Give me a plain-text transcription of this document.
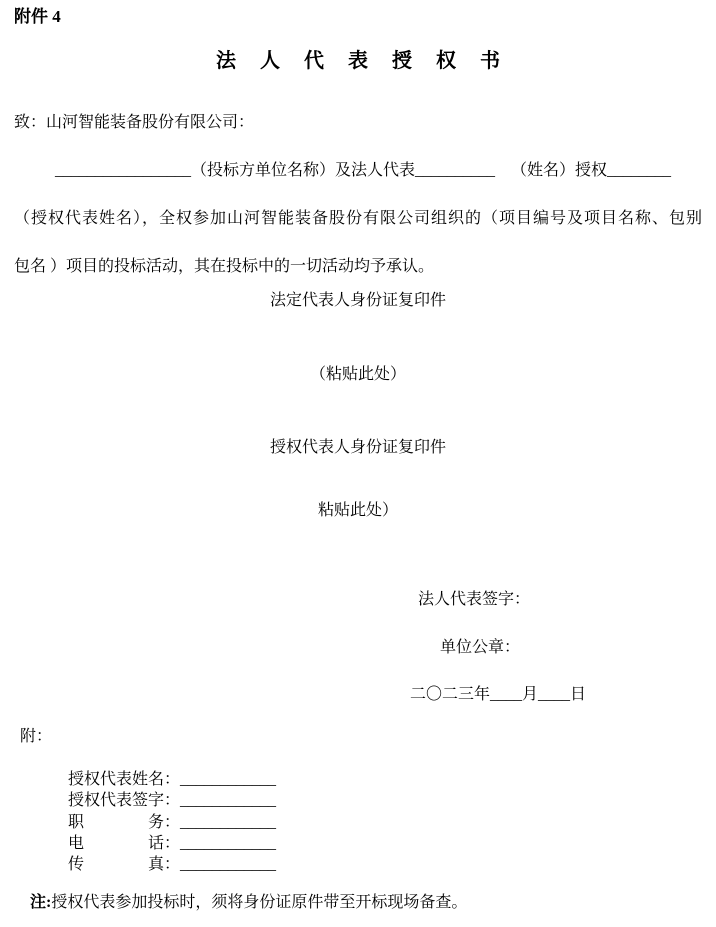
附件 4
法人代表授权书
致：山河智能装备股份有限公司：
_________________（投标方单位名称）及法人代表__________    （姓名）授权________
（授权代表姓名），全权参加山河智能装备股份有限公司组织的（项目编号及项目名称、包别
包名 ）项目的投标活动，其在投标中的一切活动均予承认。
法定代表人身份证复印件
（粘贴此处）
授权代表人身份证复印件
粘贴此处）
法人代表签字：
单位公章：
二〇二三年____月____日
附：

授权代表姓名：____________

授权代表签字：____________

职务：____________

电话：____________

传真：____________

注:授权代表参加投标时，须将身份证原件带至开标现场备查。
